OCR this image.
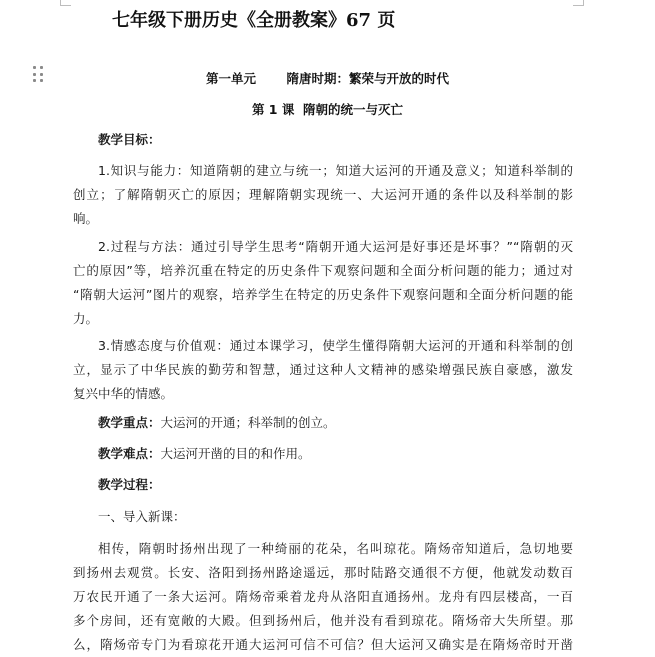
七年级下册历史《全册教案》67 页
第一单元       隋唐时期：繁荣与开放的时代
第 1 课  隋朝的统一与灭亡
教学目标：
1.知识与能力：知道隋朝的建立与统一；知道大运河的开通及意义；知道科举制的
创立；了解隋朝灭亡的原因；理解隋朝实现统一、大运河开通的条件以及科举制的影
响。
2.过程与方法：通过引导学生思考“隋朝开通大运河是好事还是坏事？”“隋朝的灭
亡的原因”等，培养沉重在特定的历史条件下观察问题和全面分析问题的能力；通过对
“隋朝大运河”图片的观察，培养学生在特定的历史条件下观察问题和全面分析问题的能
力。
3.情感态度与价值观：通过本课学习，使学生懂得隋朝大运河的开通和科举制的创
立，显示了中华民族的勤劳和智慧，通过这种人文精神的感染增强民族自豪感，激发
复兴中华的情感。
教学重点：大运河的开通；科举制的创立。
教学难点：大运河开凿的目的和作用。
教学过程：
一、导入新课：
相传，隋朝时扬州出现了一种绮丽的花朵，名叫琼花。隋炀帝知道后，急切地要
到扬州去观赏。长安、洛阳到扬州路途遥远，那时陆路交通很不方便，他就发动数百
万农民开通了一条大运河。隋炀帝乘着龙舟从洛阳直通扬州。龙舟有四层楼高，一百
多个房间，还有宽敞的大殿。但到扬州后，他并没有看到琼花。隋炀帝大失所望。那
么，隋炀帝专门为看琼花开通大运河可信不可信？但大运河又确实是在隋炀帝时开凿
